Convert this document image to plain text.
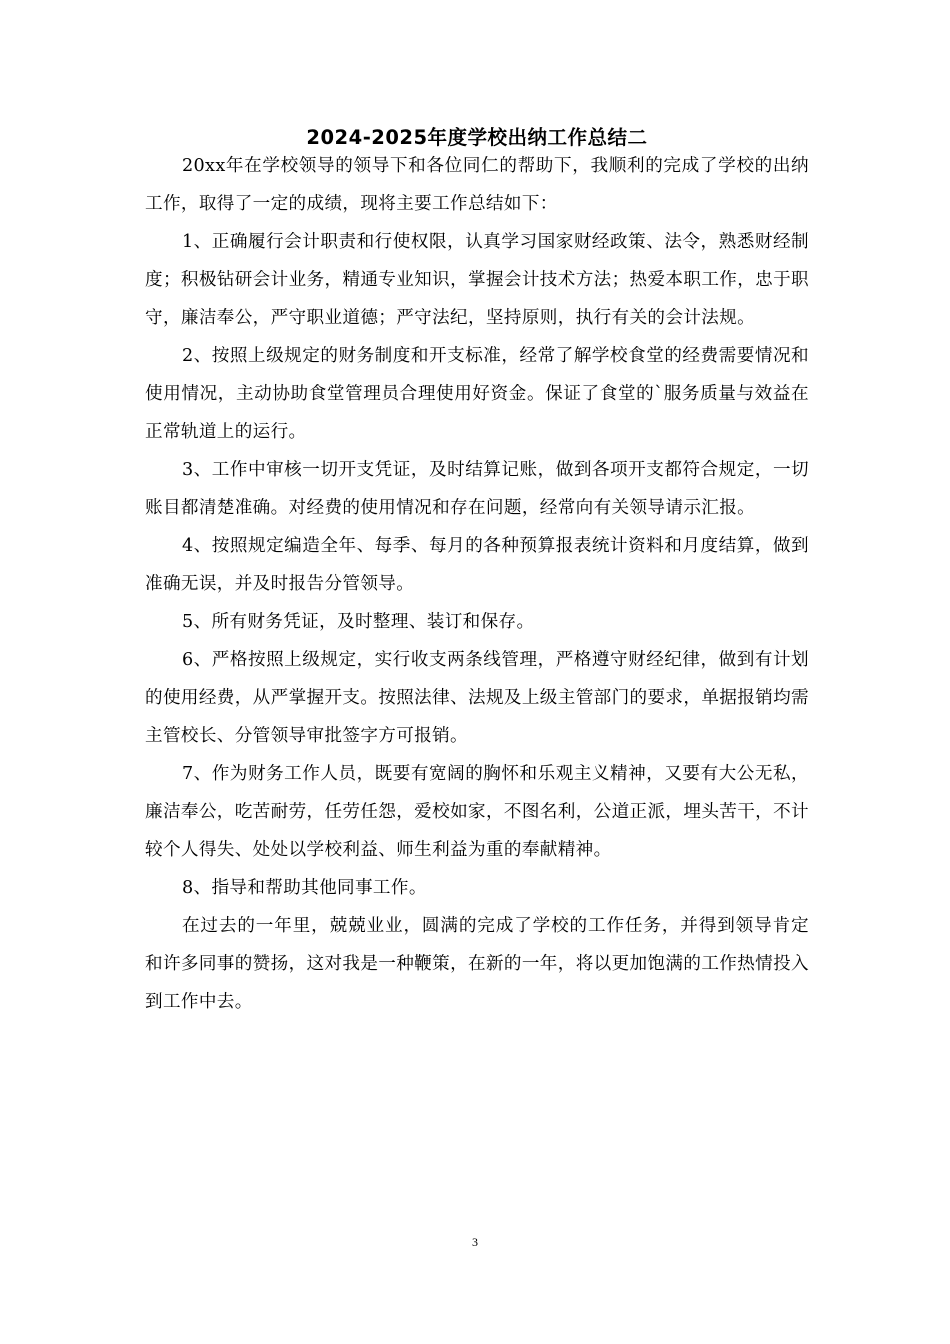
2024-2025年度学校出纳工作总结二

20xx年在学校领导的领导下和各位同仁的帮助下，我顺利的完成了学校的出纳工作，取得了一定的成绩，现将主要工作总结如下：

1、正确履行会计职责和行使权限，认真学习国家财经政策、法令，熟悉财经制度；积极钻研会计业务，精通专业知识，掌握会计技术方法；热爱本职工作，忠于职守，廉洁奉公，严守职业道德；严守法纪，坚持原则，执行有关的会计法规。

2、按照上级规定的财务制度和开支标准，经常了解学校食堂的经费需要情况和使用情况，主动协助食堂管理员合理使用好资金。保证了食堂的`服务质量与效益在正常轨道上的运行。

3、工作中审核一切开支凭证，及时结算记账，做到各项开支都符合规定，一切账目都清楚准确。对经费的使用情况和存在问题，经常向有关领导请示汇报。

4、按照规定编造全年、每季、每月的各种预算报表统计资料和月度结算，做到准确无误，并及时报告分管领导。

5、所有财务凭证，及时整理、装订和保存。

6、严格按照上级规定，实行收支两条线管理，严格遵守财经纪律，做到有计划的使用经费，从严掌握开支。按照法律、法规及上级主管部门的要求，单据报销均需主管校长、分管领导审批签字方可报销。

7、作为财务工作人员，既要有宽阔的胸怀和乐观主义精神，又要有大公无私，廉洁奉公，吃苦耐劳，任劳任怨，爱校如家，不图名利，公道正派，埋头苦干，不计较个人得失、处处以学校利益、师生利益为重的奉献精神。

8、指导和帮助其他同事工作。

在过去的一年里，兢兢业业，圆满的完成了学校的工作任务，并得到领导肯定和许多同事的赞扬，这对我是一种鞭策，在新的一年，将以更加饱满的工作热情投入到工作中去。

3
